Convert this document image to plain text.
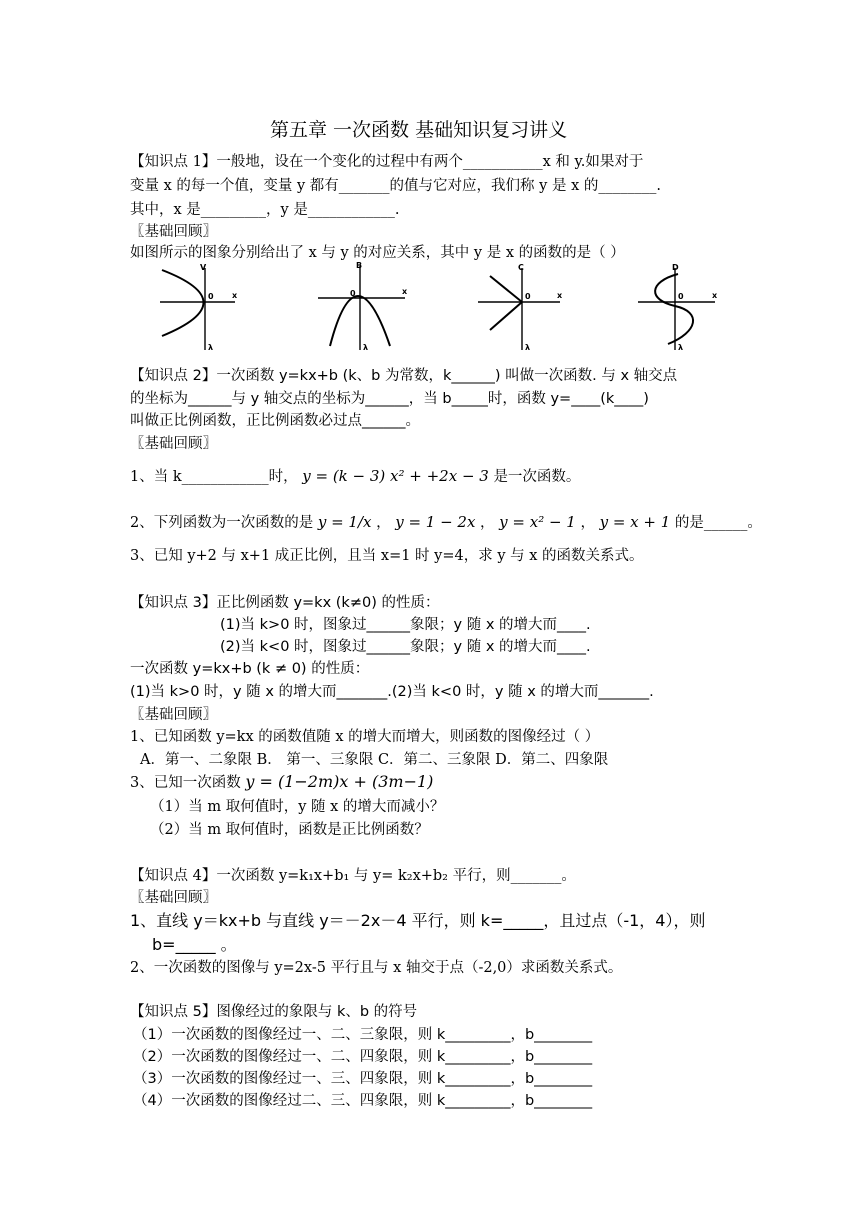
第五章 一次函数 基础知识复习讲义
【知识点 1】一般地，设在一个变化的过程中有两个___________x 和 y.如果对于
变量 x 的每一个值，变量 y 都有_______的值与它对应，我们称 y 是 x 的________.
其中，x 是_________，y 是____________.
〖基础回顾〗
如图所示的图象分别给出了 x 与 y 的对应关系，其中 y 是 x 的函数的是（ ）
V
0 x
λ
B
0	x
λ
C
0	x
λ
D
0	x
λ
【知识点 2】一次函数 y=kx+b (k、b 为常数，k______) 叫做一次函数. 与 x 轴交点
的坐标为______与 y 轴交点的坐标为______，当 b_____时，函数 y=____(k____)
叫做正比例函数，正比例函数必过点______。
〖基础回顾〗
1、当 k____________时， y = (k − 3) x² + +2x − 3 是一次函数。
2、下列函数为一次函数的是 y = 1/x ， y = 1 − 2x ， y = x² − 1 ， y = x + 1 的是______。
3、已知 y+2 与 x+1 成正比例，且当 x=1 时 y=4，求 y 与 x 的函数关系式。
【知识点 3】正比例函数 y=kx (k≠0) 的性质：
(1)当 k>0 时，图象过______象限；y 随 x 的增大而____.
(2)当 k<0 时，图象过______象限；y 随 x 的增大而____.
一次函数 y=kx+b (k ≠ 0) 的性质：
(1)当 k>0 时，y 随 x 的增大而_______.(2)当 k<0 时，y 随 x 的增大而_______.
〖基础回顾〗
1、已知函数 y=kx 的函数值随 x 的增大而增大，则函数的图像经过（ ）
A．第一、二象限 B． 第一、三象限 C．第二、三象限 D．第二、四象限
3、已知一次函数 y = (1−2m)x + (3m−1)
（1）当 m 取何值时，y 随 x 的增大而减小？
（2）当 m 取何值时，函数是正比例函数？
【知识点 4】一次函数 y=k₁x+b₁ 与 y= k₂x+b₂ 平行，则_______。
〖基础回顾〗
1、直线 y＝kx+b 与直线 y＝－2x－4 平行，则 k=_____，且过点（-1，4），则
b=_____ 。
2、一次函数的图像与 y=2x-5 平行且与 x 轴交于点（-2,0）求函数关系式。
【知识点 5】图像经过的象限与 k、b 的符号
（1）一次函数的图像经过一、二、三象限，则 k_________，b________
（2）一次函数的图像经过一、二、四象限，则 k_________，b________
（3）一次函数的图像经过一、三、四象限，则 k_________，b________
（4）一次函数的图像经过二、三、四象限，则 k_________，b________
